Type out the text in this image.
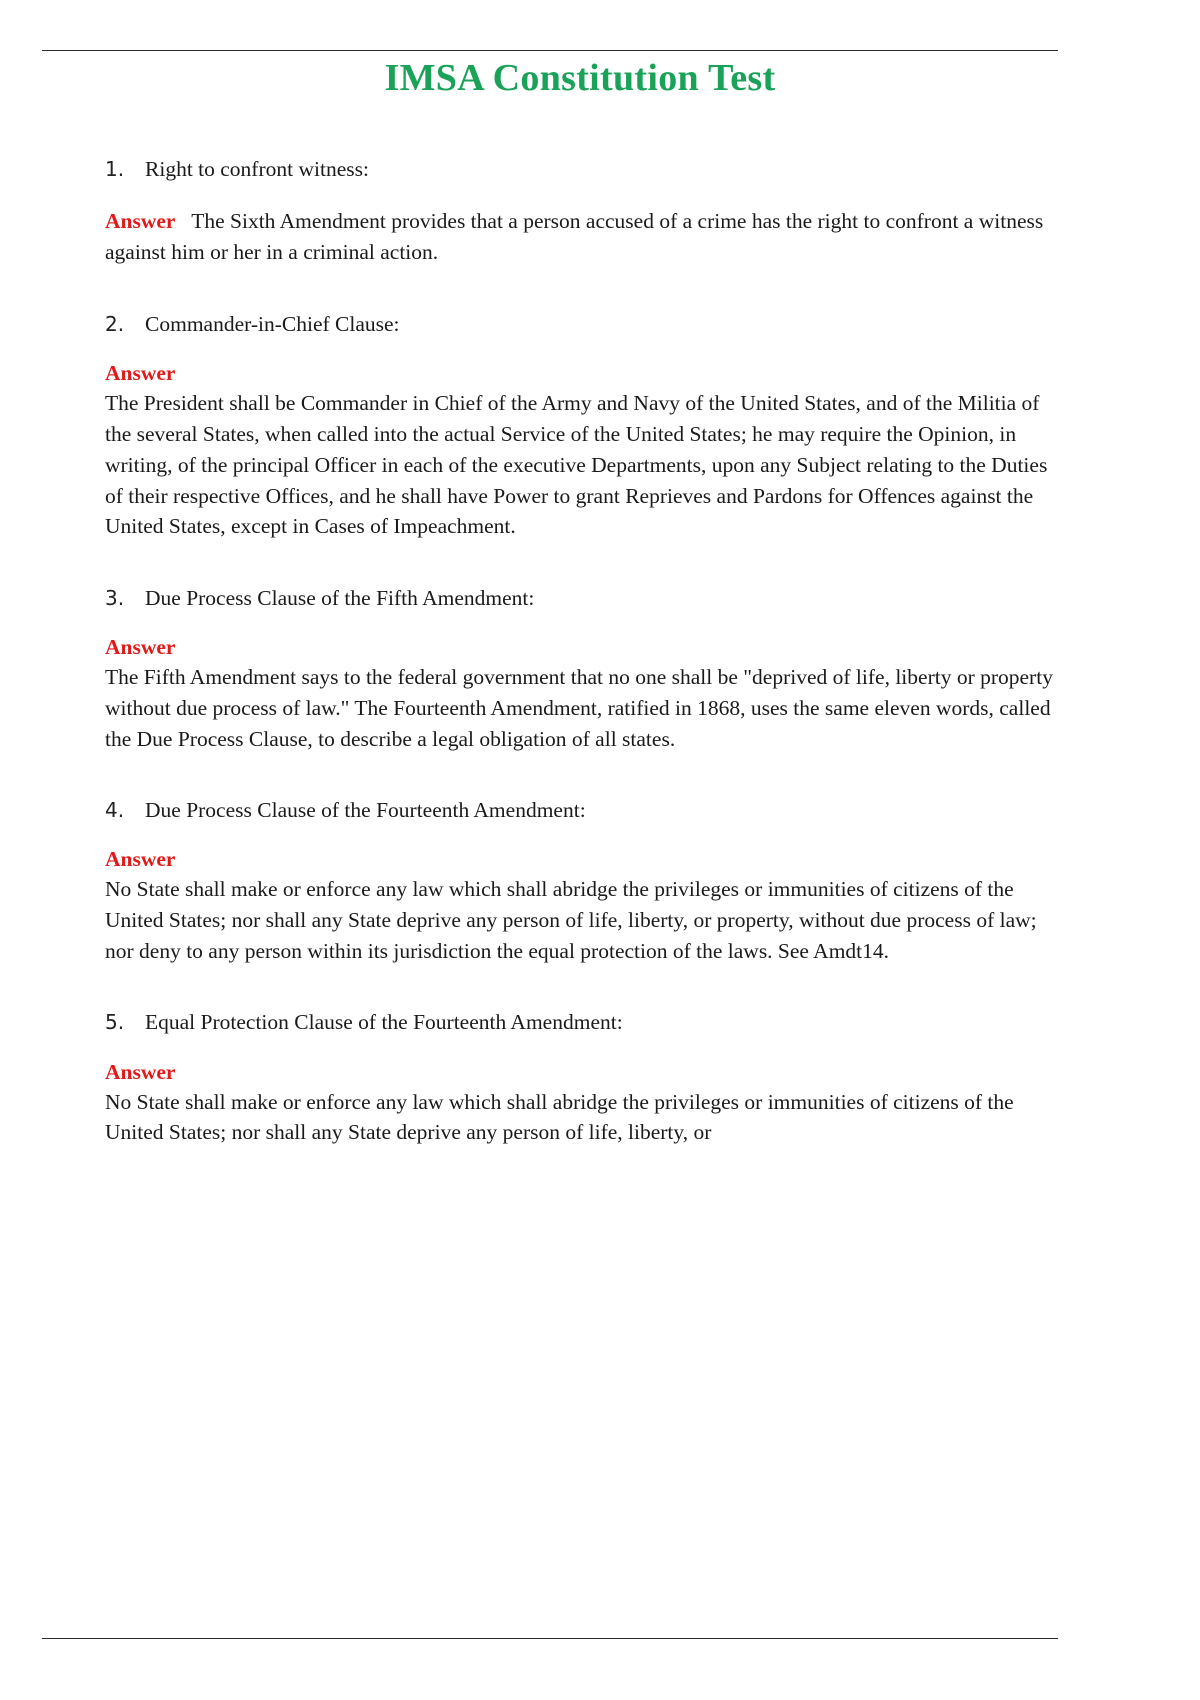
IMSA Constitution Test
1. Right to confront witness:
Answer The Sixth Amendment provides that a person accused of a crime has the right to confront a witness against him or her in a criminal action.
2. Commander-in-Chief Clause:
Answer
The President shall be Commander in Chief of the Army and Navy of the United States, and of the Militia of the several States, when called into the actual Service of the United States; he may require the Opinion, in writing, of the principal Officer in each of the executive Departments, upon any Subject relating to the Duties of their respective Offices, and he shall have Power to grant Reprieves and Pardons for Offences against the United States, except in Cases of Impeachment.
3. Due Process Clause of the Fifth Amendment:
Answer
The Fifth Amendment says to the federal government that no one shall be "deprived of life, liberty or property without due process of law." The Fourteenth Amendment, ratified in 1868, uses the same eleven words, called the Due Process Clause, to describe a legal obligation of all states.
4. Due Process Clause of the Fourteenth Amendment:
Answer
No State shall make or enforce any law which shall abridge the privileges or immunities of citizens of the United States; nor shall any State deprive any person of life, liberty, or property, without due process of law; nor deny to any person within its jurisdiction the equal protection of the laws. See Amdt14.
5. Equal Protection Clause of the Fourteenth Amendment:
Answer
No State shall make or enforce any law which shall abridge the privileges or immunities of citizens of the United States; nor shall any State deprive any person of life, liberty, or
